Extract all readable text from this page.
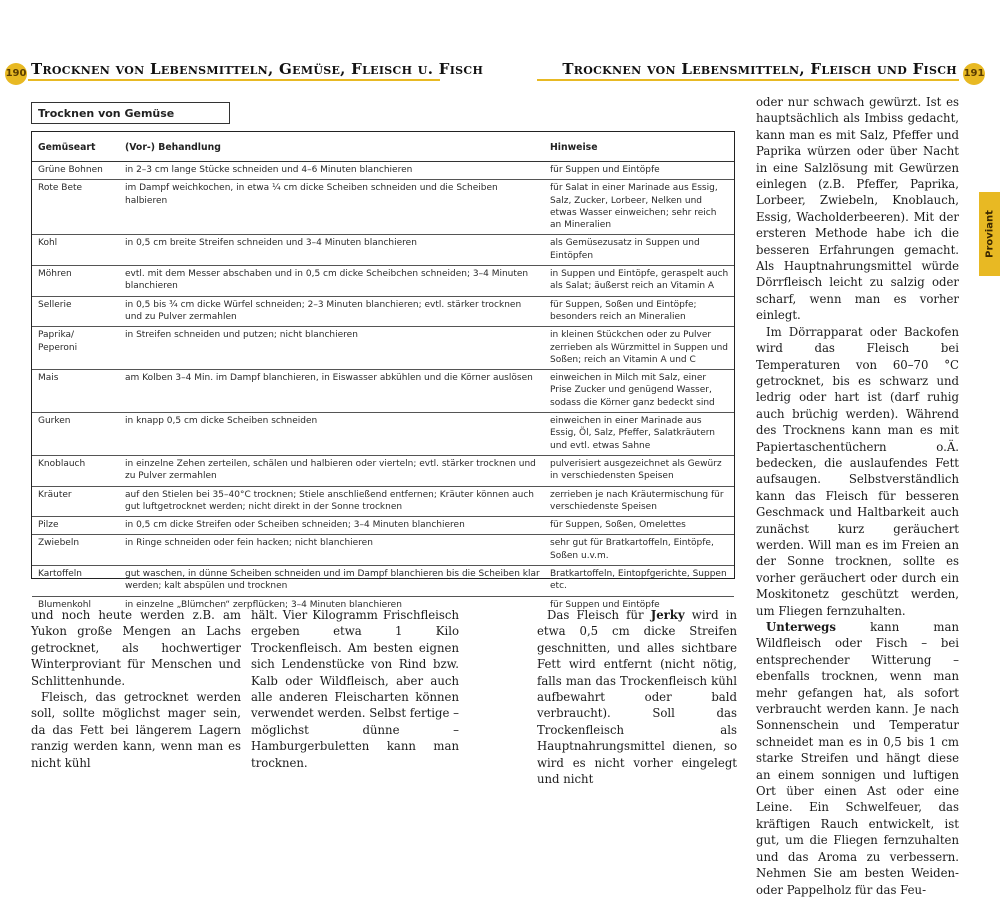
190 Trocknen von Lebensmitteln, Gemüse, Fleisch u. Fisch	Trocknen von Lebensmitteln, Fleisch und Fisch 191
Proviant
Trocknen von Gemüse
Gemüseart	(Vor-) Behandlung	Hinweise
Grüne Bohnen	in 2–3 cm lange Stücke schneiden und 4–6 Minuten blanchieren	für Suppen und Eintöpfe
Rote Bete	im Dampf weichkochen, in etwa ¼ cm dicke Scheiben schneiden und die Scheiben halbieren	für Salat in einer Marinade aus Essig, Salz, Zucker, Lorbeer, Nelken und etwas Wasser einweichen; sehr reich an Mineralien
Kohl	in 0,5 cm breite Streifen schneiden und 3–4 Minuten blanchieren	als Gemüsezusatz in Suppen und Eintöpfen
Möhren	evtl. mit dem Messer abschaben und in 0,5 cm dicke Scheibchen schneiden; 3–4 Minuten blanchieren	in Suppen und Eintöpfe, geraspelt auch als Salat; äußerst reich an Vitamin A
Sellerie	in 0,5 bis ¾ cm dicke Würfel schneiden; 2–3 Minuten blanchieren; evtl. stärker trocknen und zu Pulver zermahlen	für Suppen, Soßen und Eintöpfe; besonders reich an Mineralien
Paprika/ Peperoni	in Streifen schneiden und putzen; nicht blanchieren	in kleinen Stückchen oder zu Pulver zerrieben als Würzmittel in Suppen und Soßen; reich an Vitamin A und C
Mais	am Kolben 3–4 Min. im Dampf blanchieren, in Eiswasser abkühlen und die Körner auslösen	einweichen in Milch mit Salz, einer Prise Zucker und genügend Wasser, sodass die Körner ganz bedeckt sind
Gurken	in knapp 0,5 cm dicke Scheiben schneiden	einweichen in einer Marinade aus Essig, Öl, Salz, Pfeffer, Salatkräutern und evtl. etwas Sahne
Knoblauch	in einzelne Zehen zerteilen, schälen und halbieren oder vierteln; evtl. stärker trocknen und zu Pulver zermahlen	pulverisiert ausgezeichnet als Gewürz in verschiedensten Speisen
Kräuter	auf den Stielen bei 35–40°C trocknen; Stiele anschließend entfernen; Kräuter können auch gut luftgetrocknet werden; nicht direkt in der Sonne trocknen	zerrieben je nach Kräutermischung für verschiedenste Speisen
Pilze	in 0,5 cm dicke Streifen oder Scheiben schneiden; 3–4 Minuten blanchieren	für Suppen, Soßen, Omelettes
Zwiebeln	in Ringe schneiden oder fein hacken; nicht blanchieren	sehr gut für Bratkartoffeln, Eintöpfe, Soßen u.v.m.
Kartoffeln	gut waschen, in dünne Scheiben schneiden und im Dampf blanchieren bis die Scheiben klar werden; kalt abspülen und trocknen	Bratkartoffeln, Eintopfgerichte, Suppen etc.
Blumenkohl	in einzelne „Blümchen“ zerpflücken; 3–4 Minuten blanchieren	für Suppen und Eintöpfe

und noch heute werden z.B. am Yukon große Mengen an Lachs getrocknet, als hochwertiger Winterproviant für Menschen und Schlittenhunde.

Fleisch, das getrocknet werden soll, sollte möglichst mager sein, da das Fett bei längerem Lagern ranzig werden kann, wenn man es nicht kühl

hält. Vier Kilogramm Frischfleisch ergeben etwa 1 Kilo Trockenfleisch. Am besten eignen sich Lendenstücke von Rind bzw. Kalb oder Wildfleisch, aber auch alle anderen Fleischarten können verwendet werden. Selbst fertige – möglichst dünne – Hamburgerbuletten kann man trocknen.

Das Fleisch für Jerky wird in etwa 0,5 cm dicke Streifen geschnitten, und alles sichtbare Fett wird entfernt (nicht nötig, falls man das Trockenfleisch kühl aufbewahrt oder bald verbraucht). Soll das Trockenfleisch als Hauptnahrungsmittel dienen, so wird es nicht vorher eingelegt und nicht

oder nur schwach gewürzt. Ist es hauptsächlich als Imbiss gedacht, kann man es mit Salz, Pfeffer und Paprika würzen oder über Nacht in eine Salzlösung mit Gewürzen einlegen (z.B. Pfeffer, Paprika, Lorbeer, Zwiebeln, Knoblauch, Essig, Wacholderbeeren). Mit der ersteren Methode habe ich die besseren Erfahrungen gemacht. Als Hauptnahrungsmittel würde Dörrfleisch leicht zu salzig oder scharf, wenn man es vorher einlegt.

Im Dörrapparat oder Backofen wird das Fleisch bei Temperaturen von 60–70 °C getrocknet, bis es schwarz und ledrig oder hart ist (darf ruhig auch brüchig werden). Während des Trocknens kann man es mit Papiertaschentüchern o.Ä. bedecken, die auslaufendes Fett aufsaugen. Selbstverständlich kann das Fleisch für besseren Geschmack und Haltbarkeit auch zunächst kurz geräuchert werden. Will man es im Freien an der Sonne trocknen, sollte es vorher geräuchert oder durch ein Moskitonetz geschützt werden, um Fliegen fernzuhalten.

Unterwegs kann man Wildfleisch oder Fisch – bei entsprechender Witterung – ebenfalls trocknen, wenn man mehr gefangen hat, als sofort verbraucht werden kann. Je nach Sonnenschein und Temperatur schneidet man es in 0,5 bis 1 cm starke Streifen und hängt diese an einem sonnigen und luftigen Ort über einen Ast oder eine Leine. Ein Schwelfeuer, das kräftigen Rauch entwickelt, ist gut, um die Fliegen fernzuhalten und das Aroma zu verbessern. Nehmen Sie am besten Weiden- oder Pappelholz für das Feu-
